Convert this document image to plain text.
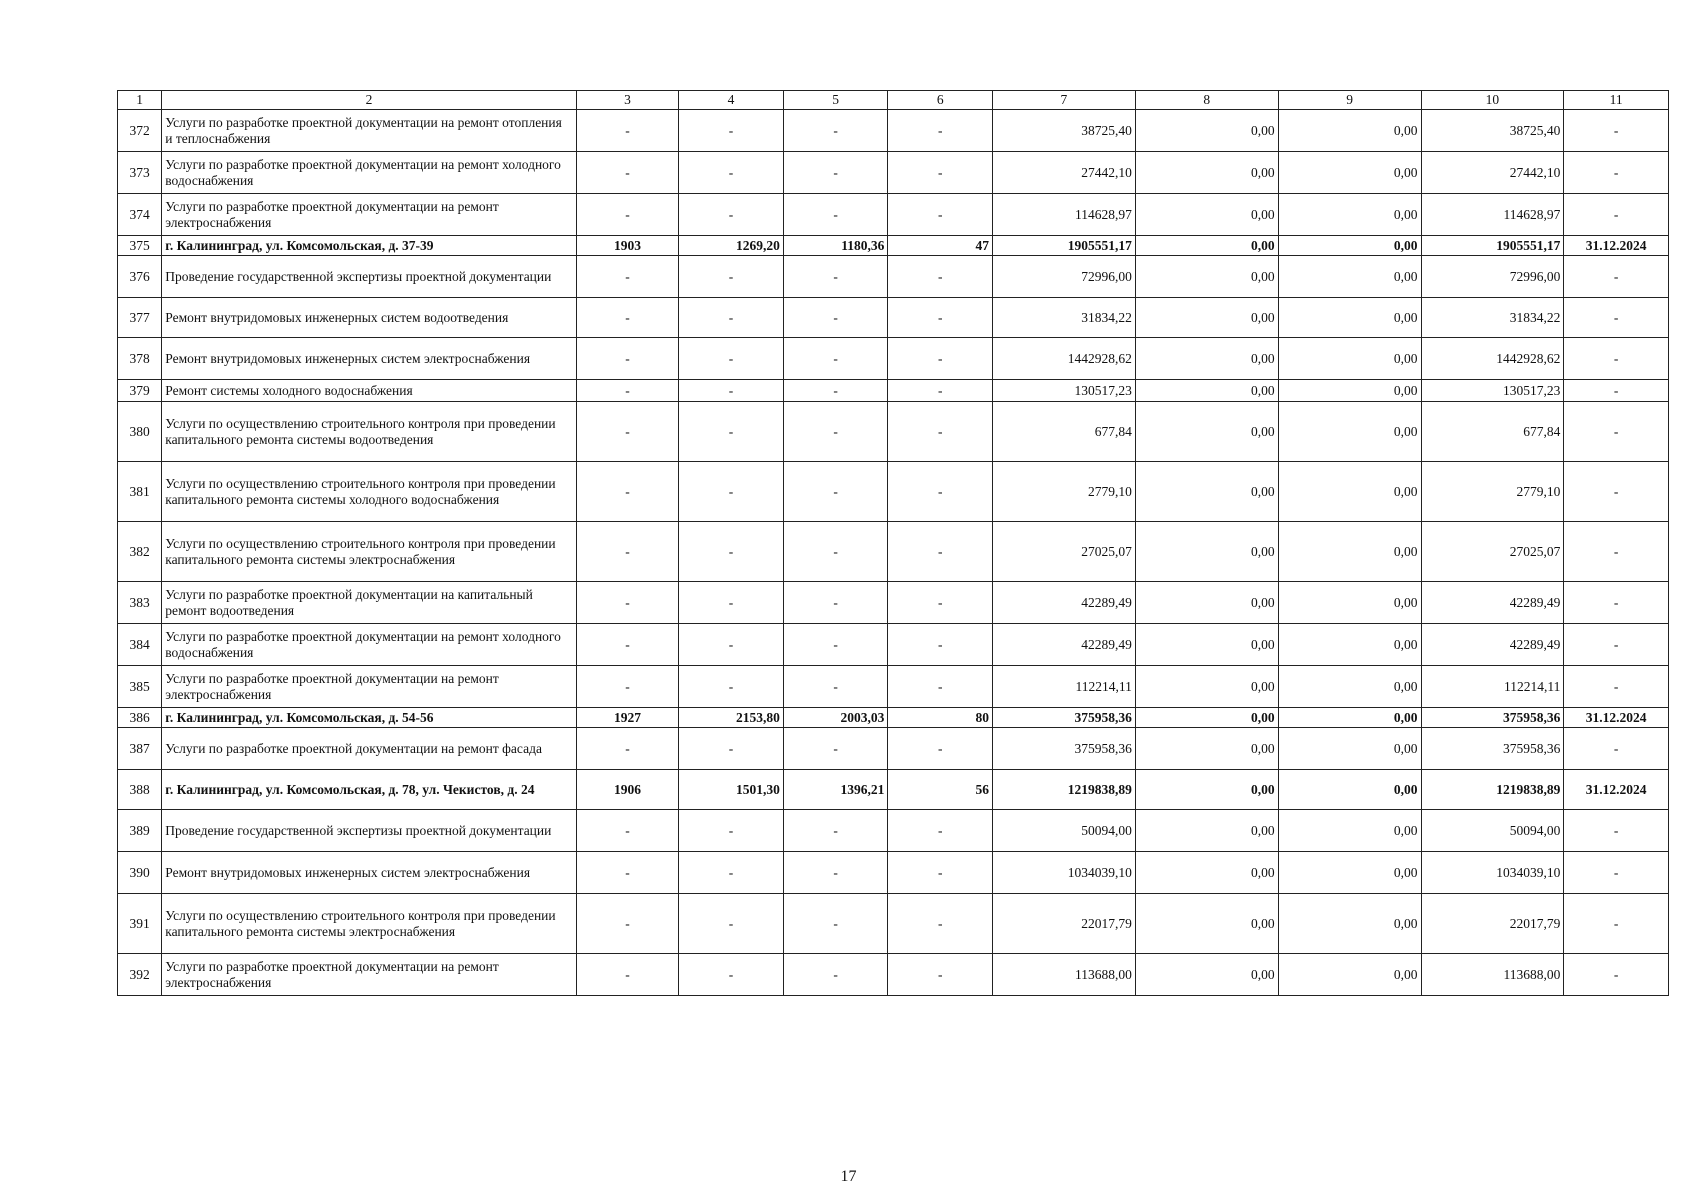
1	2	3	4	5	6	7	8	9	10	11
372	Услуги по разработке проектной документации на ремонт отопления и теплоснабжения	-	-	-	-	38725,40	0,00	0,00	38725,40	-
373	Услуги по разработке проектной документации на ремонт холодного водоснабжения	-	-	-	-	27442,10	0,00	0,00	27442,10	-
374	Услуги по разработке проектной документации на ремонт электроснабжения	-	-	-	-	114628,97	0,00	0,00	114628,97	-
375	г. Калининград, ул. Комсомольская, д. 37-39	1903	1269,20	1180,36	47	1905551,17	0,00	0,00	1905551,17	31.12.2024
376	Проведение государственной экспертизы проектной документации	-	-	-	-	72996,00	0,00	0,00	72996,00	-
377	Ремонт внутридомовых инженерных систем водоотведения	-	-	-	-	31834,22	0,00	0,00	31834,22	-
378	Ремонт внутридомовых инженерных систем электроснабжения	-	-	-	-	1442928,62	0,00	0,00	1442928,62	-
379	Ремонт системы холодного водоснабжения	-	-	-	-	130517,23	0,00	0,00	130517,23	-
380	Услуги по осуществлению строительного контроля при проведении капитального ремонта системы водоотведения	-	-	-	-	677,84	0,00	0,00	677,84	-
381	Услуги по осуществлению строительного контроля при проведении капитального ремонта системы холодного водоснабжения	-	-	-	-	2779,10	0,00	0,00	2779,10	-
382	Услуги по осуществлению строительного контроля при проведении капитального ремонта системы электроснабжения	-	-	-	-	27025,07	0,00	0,00	27025,07	-
383	Услуги по разработке проектной документации на капитальный ремонт водоотведения	-	-	-	-	42289,49	0,00	0,00	42289,49	-
384	Услуги по разработке проектной документации на ремонт холодного водоснабжения	-	-	-	-	42289,49	0,00	0,00	42289,49	-
385	Услуги по разработке проектной документации на ремонт электроснабжения	-	-	-	-	112214,11	0,00	0,00	112214,11	-
386	г. Калининград, ул. Комсомольская, д. 54-56	1927	2153,80	2003,03	80	375958,36	0,00	0,00	375958,36	31.12.2024
387	Услуги по разработке проектной документации на ремонт фасада	-	-	-	-	375958,36	0,00	0,00	375958,36	-
388	г. Калининград, ул. Комсомольская, д. 78, ул. Чекистов, д. 24	1906	1501,30	1396,21	56	1219838,89	0,00	0,00	1219838,89	31.12.2024
389	Проведение государственной экспертизы проектной документации	-	-	-	-	50094,00	0,00	0,00	50094,00	-
390	Ремонт внутридомовых инженерных систем электроснабжения	-	-	-	-	1034039,10	0,00	0,00	1034039,10	-
391	Услуги по осуществлению строительного контроля при проведении капитального ремонта системы электроснабжения	-	-	-	-	22017,79	0,00	0,00	22017,79	-
392	Услуги по разработке проектной документации на ремонт электроснабжения	-	-	-	-	113688,00	0,00	0,00	113688,00	-
17
